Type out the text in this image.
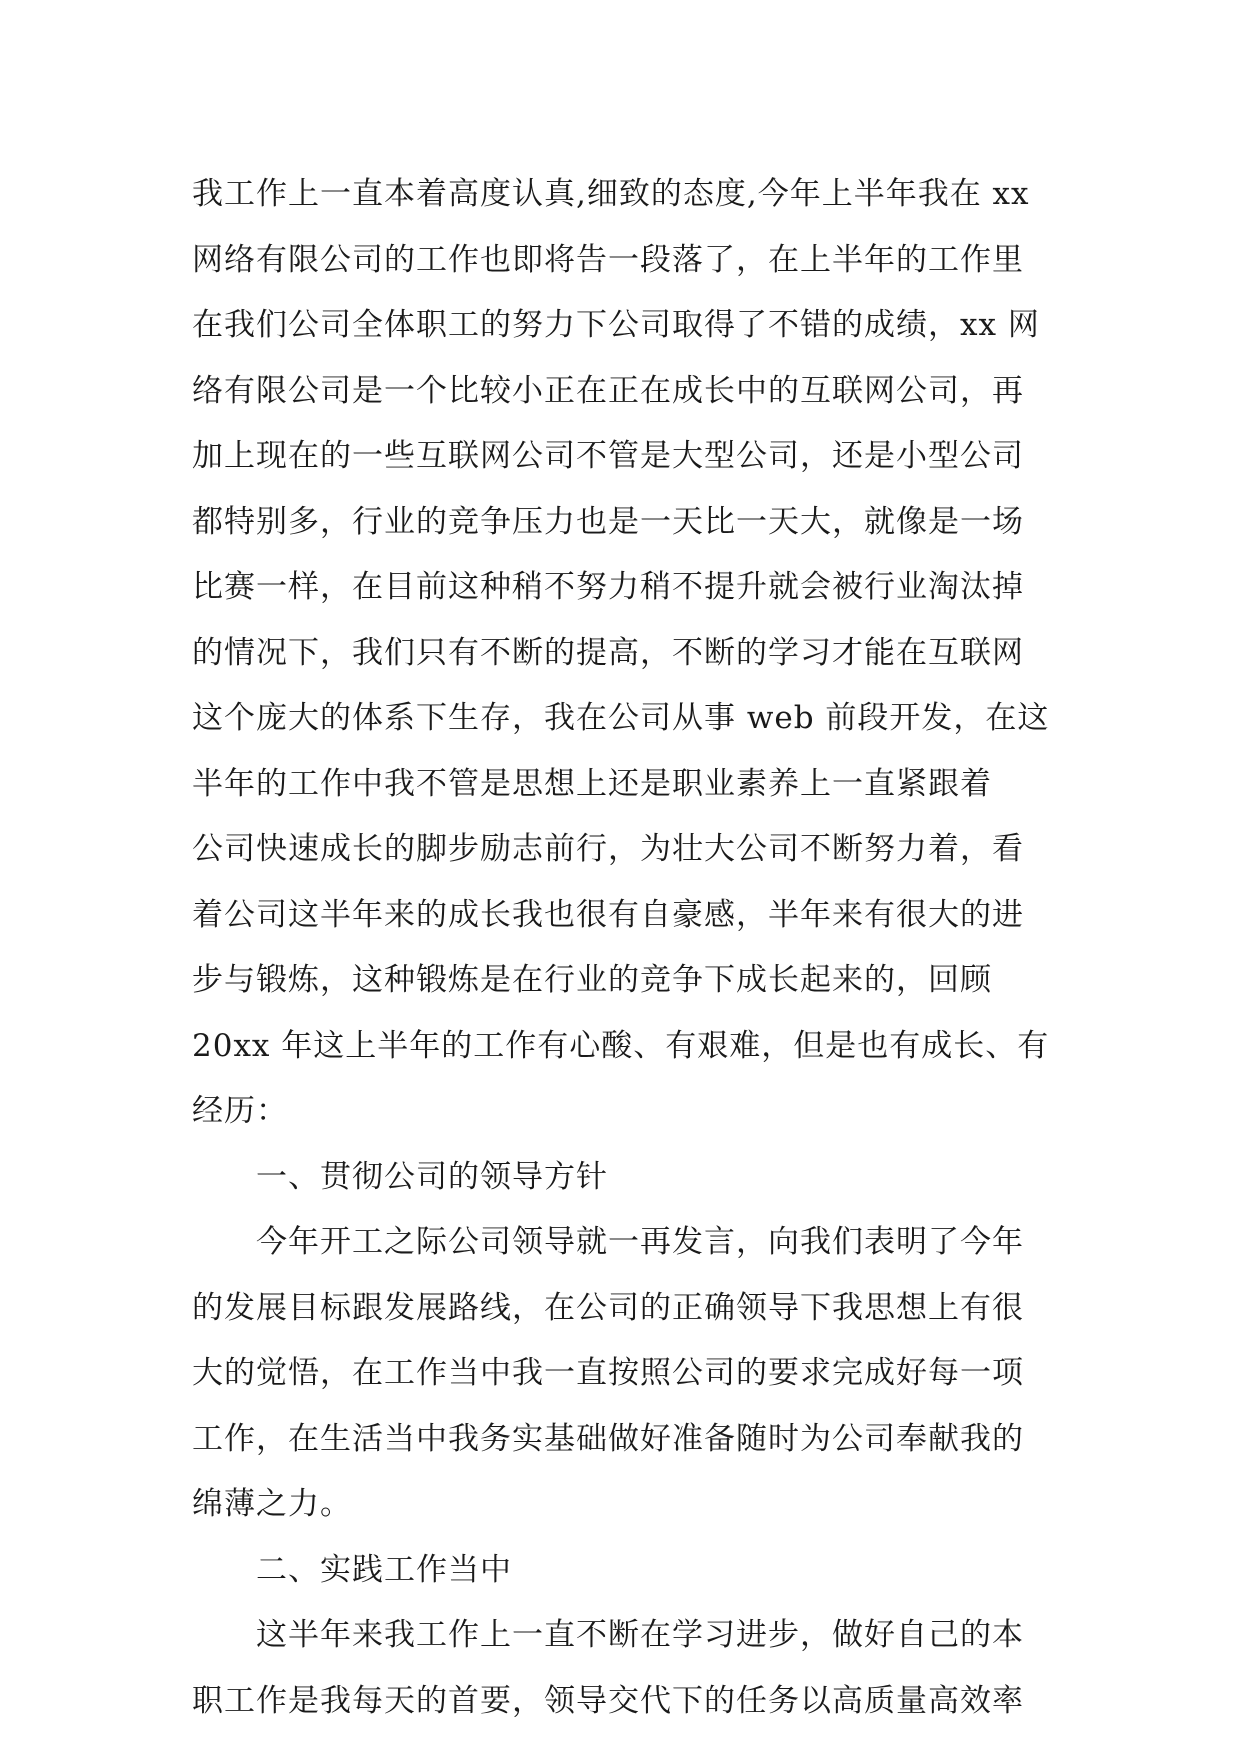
我工作上一直本着高度认真,细致的态度,今年上半年我在 xx
网络有限公司的工作也即将告一段落了，在上半年的工作里
在我们公司全体职工的努力下公司取得了不错的成绩，xx 网
络有限公司是一个比较小正在正在成长中的互联网公司，再
加上现在的一些互联网公司不管是大型公司，还是小型公司
都特别多，行业的竞争压力也是一天比一天大，就像是一场
比赛一样，在目前这种稍不努力稍不提升就会被行业淘汰掉
的情况下，我们只有不断的提高，不断的学习才能在互联网
这个庞大的体系下生存，我在公司从事 web 前段开发，在这
半年的工作中我不管是思想上还是职业素养上一直紧跟着
公司快速成长的脚步励志前行，为壮大公司不断努力着，看
着公司这半年来的成长我也很有自豪感，半年来有很大的进
步与锻炼，这种锻炼是在行业的竞争下成长起来的，回顾
20xx 年这上半年的工作有心酸、有艰难，但是也有成长、有
经历：
一、贯彻公司的领导方针
今年开工之际公司领导就一再发言，向我们表明了今年
的发展目标跟发展路线，在公司的正确领导下我思想上有很
大的觉悟，在工作当中我一直按照公司的要求完成好每一项
工作，在生活当中我务实基础做好准备随时为公司奉献我的
绵薄之力。
二、实践工作当中
这半年来我工作上一直不断在学习进步，做好自己的本
职工作是我每天的首要，领导交代下的任务以高质量高效率
